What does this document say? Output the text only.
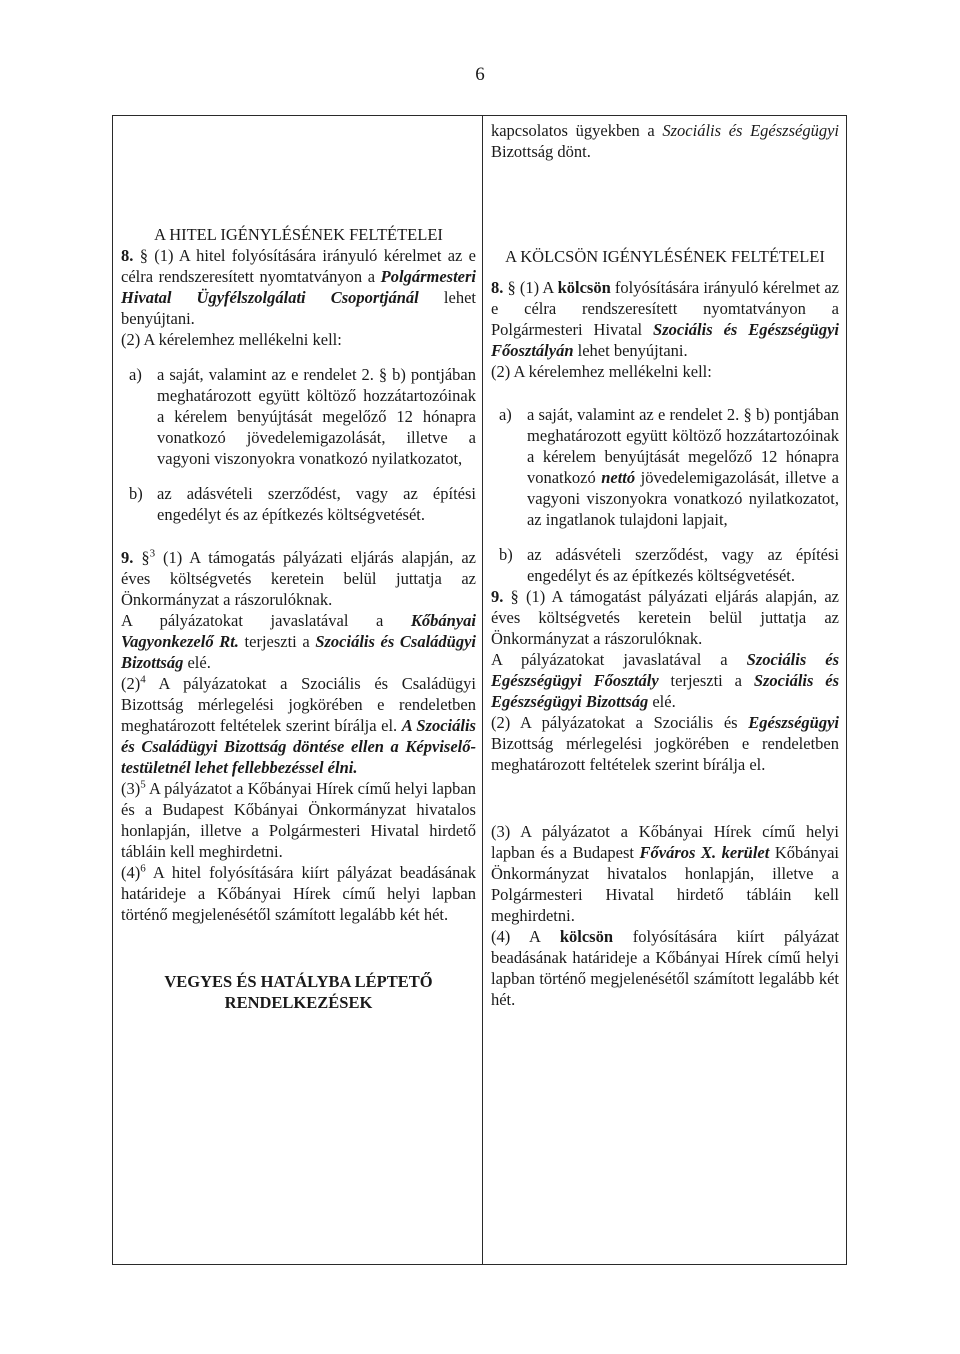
6

A HITEL IGÉNYLÉSÉNEK FELTÉTELEI

8. § (1) A hitel folyósítására irányuló kérelmet az e célra rendszeresített nyomtatványon a Polgármesteri Hivatal Ügyfélszolgálati Csoportjánál lehet benyújtani.

(2) A kérelemhez mellékelni kell:

a) a saját, valamint az e rendelet 2. § b) pontjában meghatározott együtt költöző hozzátartozóinak a kérelem benyújtását megelőző 12 hónapra vonatkozó jövedelemigazolását, illetve a vagyoni viszonyokra vonatkozó nyilatkozatot,
b) az adásvételi szerződést, vagy az építési engedélyt és az építkezés költségvetését.

9. §$^3$ (1) A támogatás pályázati eljárás alapján, az éves költségvetés keretein belül juttatja az Önkormányzat a rászorulóknak.

A pályázatokat javaslatával a Kőbányai Vagyonkezelő Rt. terjeszti a Szociális és Családügyi Bizottság elé.

$(2)^4$ A pályázatokat a Szociális és Családügyi Bizottság mérlegelési jogkörében e rendeletben meghatározott feltételek szerint bírálja el. A Szociális és Családügyi Bizottság döntése ellen a Képviselő-testületnél lehet fellebbezéssel élni.

$(3)^5$ A pályázatot a Kőbányai Hírek című helyi lapban és a Budapest Kőbányai Önkormányzat hivatalos honlapján, illetve a Polgármesteri Hivatal hirdető tábláin kell meghirdetni.

$(4)^6$ A hitel folyósítására kiírt pályázat beadásának határideje a Kőbányai Hírek című helyi lapban történő megjelenésétől számított legalább két hét.

VEGYES ÉS HATÁLYBA LÉPTETŐ RENDELKEZÉSEK

kapcsolatos ügyekben a Szociális és Egészségügyi Bizottság dönt.

A KÖLCSÖN IGÉNYLÉSÉNEK FELTÉTELEI

8. § (1) A kölcsön folyósítására irányuló kérelmet az e célra rendszeresített nyomtatványon a Polgármesteri Hivatal Szociális és Egészségügyi Főosztályán lehet benyújtani.

(2) A kérelemhez mellékelni kell:

a) a saját, valamint az e rendelet 2. § b) pontjában meghatározott együtt költöző hozzátartozóinak a kérelem benyújtását megelőző 12 hónapra vonatkozó nettó jövedelemigazolását, illetve a vagyoni viszonyokra vonatkozó nyilatkozatot, az ingatlanok tulajdoni lapjait,
b) az adásvételi szerződést, vagy az építési engedélyt és az építkezés költségvetését.

9. § (1) A támogatást pályázati eljárás alapján, az éves költségvetés keretein belül juttatja az Önkormányzat a rászorulóknak.

A pályázatokat javaslatával a Szociális és Egészségügyi Főosztály terjeszti a Szociális és Egészségügyi Bizottság elé.

(2) A pályázatokat a Szociális és Egészségügyi Bizottság mérlegelési jogkörében e rendeletben meghatározott feltételek szerint bírálja el.

(3) A pályázatot a Kőbányai Hírek című helyi lapban és a Budapest Főváros X. kerület Kőbányai Önkormányzat hivatalos honlapján, illetve a Polgármesteri Hivatal hirdető tábláin kell meghirdetni.

(4) A kölcsön folyósítására kiírt pályázat beadásának határideje a Kőbányai Hírek című helyi lapban történő megjelenésétől számított legalább két hét.
